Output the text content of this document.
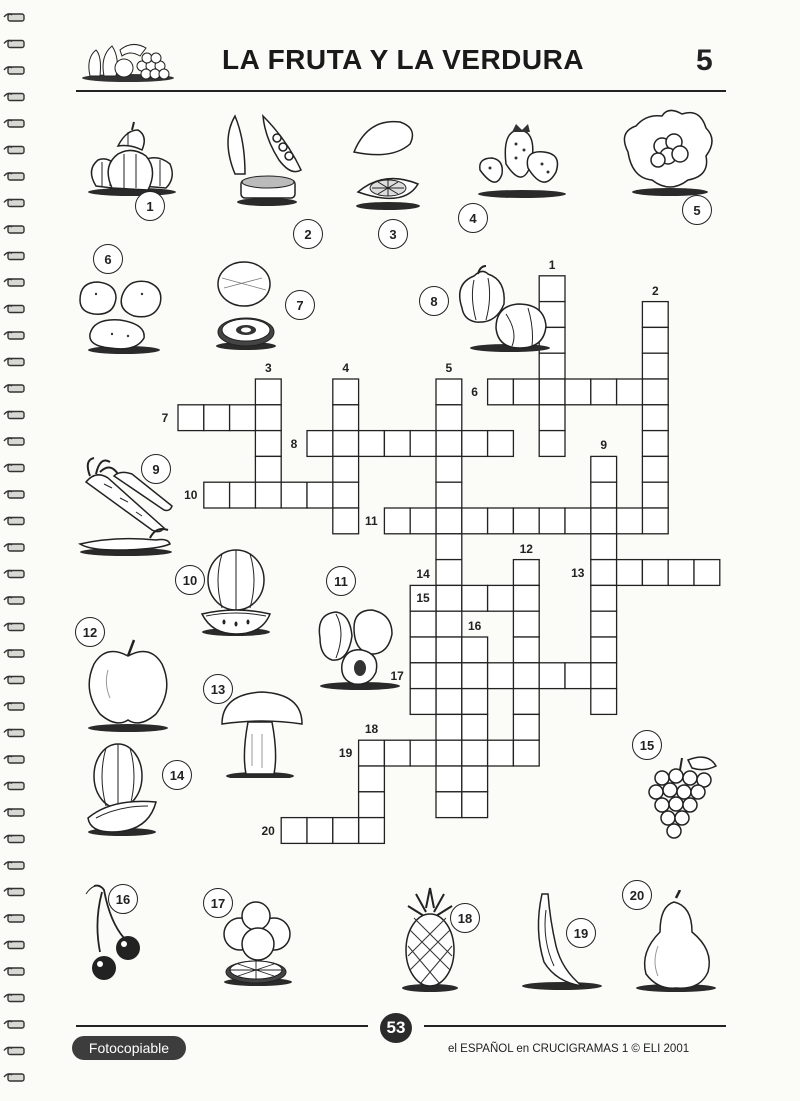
LA FRUTA Y LA VERDURA	5
1
2
3	4	5
9
12
14
16
18
6
7
8
10
11
13
15
17
19
20
1
2	3
4
5
6
7	8
9
10	11
12
13
14
15
16	17
18
19
20
Fotocopiable
53
el ESPAÑOL en CRUCIGRAMAS 1 © ELI 2001
